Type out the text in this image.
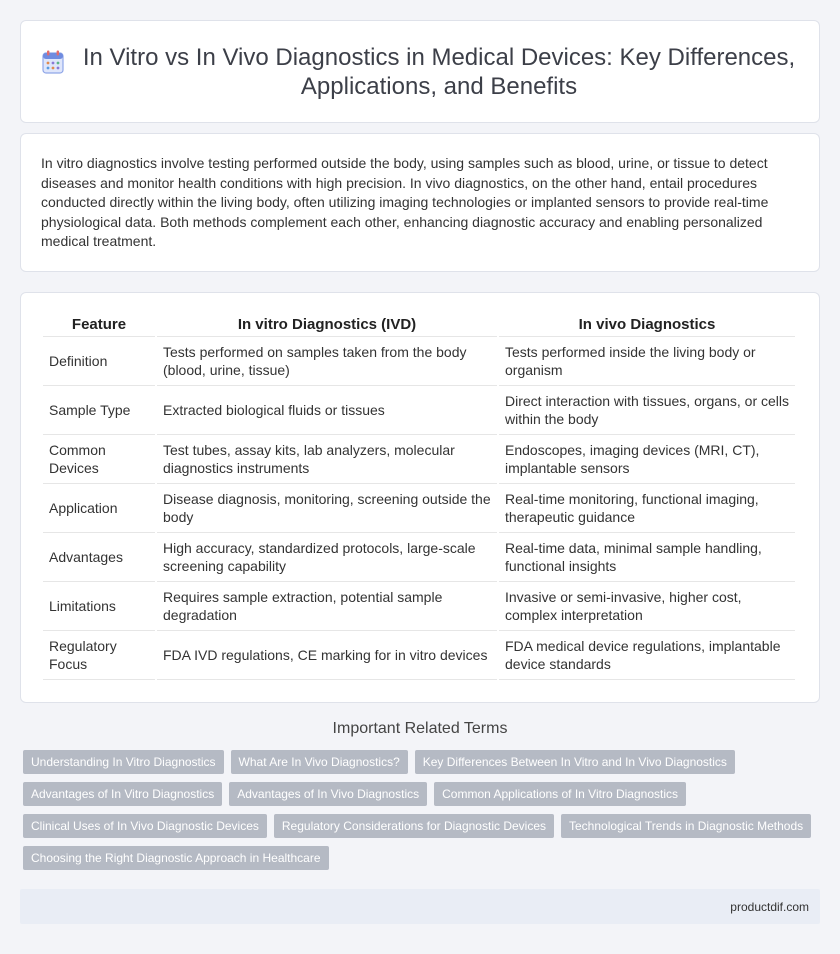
In Vitro vs In Vivo Diagnostics in Medical Devices: Key Differences, Applications, and Benefits

In vitro diagnostics involve testing performed outside the body, using samples such as blood, urine, or tissue to detect diseases and monitor health conditions with high precision. In vivo diagnostics, on the other hand, entail procedures conducted directly within the living body, often utilizing imaging technologies or implanted sensors to provide real-time physiological data. Both methods complement each other, enhancing diagnostic accuracy and enabling personalized medical treatment.

Feature	In vitro Diagnostics (IVD)	In vivo Diagnostics
Definition	Tests performed on samples taken from the body (blood, urine, tissue)	Tests performed inside the living body or organism
Sample Type	Extracted biological fluids or tissues	Direct interaction with tissues, organs, or cells within the body
Common Devices	Test tubes, assay kits, lab analyzers, molecular diagnostics instruments	Endoscopes, imaging devices (MRI, CT), implantable sensors
Application	Disease diagnosis, monitoring, screening outside the body	Real-time monitoring, functional imaging, therapeutic guidance
Advantages	High accuracy, standardized protocols, large-scale screening capability	Real-time data, minimal sample handling, functional insights
Limitations	Requires sample extraction, potential sample degradation	Invasive or semi-invasive, higher cost, complex interpretation
Regulatory Focus	FDA IVD regulations, CE marking for in vitro devices	FDA medical device regulations, implantable device standards
Important Related Terms
Understanding In Vitro Diagnostics	What Are In Vivo Diagnostics?	Key Differences Between In Vitro and In Vivo Diagnostics
Advantages of In Vitro Diagnostics	Advantages of In Vivo Diagnostics	Common Applications of In Vitro Diagnostics
Clinical Uses of In Vivo Diagnostic Devices	Regulatory Considerations for Diagnostic Devices	Technological Trends in Diagnostic Methods
Choosing the Right Diagnostic Approach in Healthcare
productdif.com
